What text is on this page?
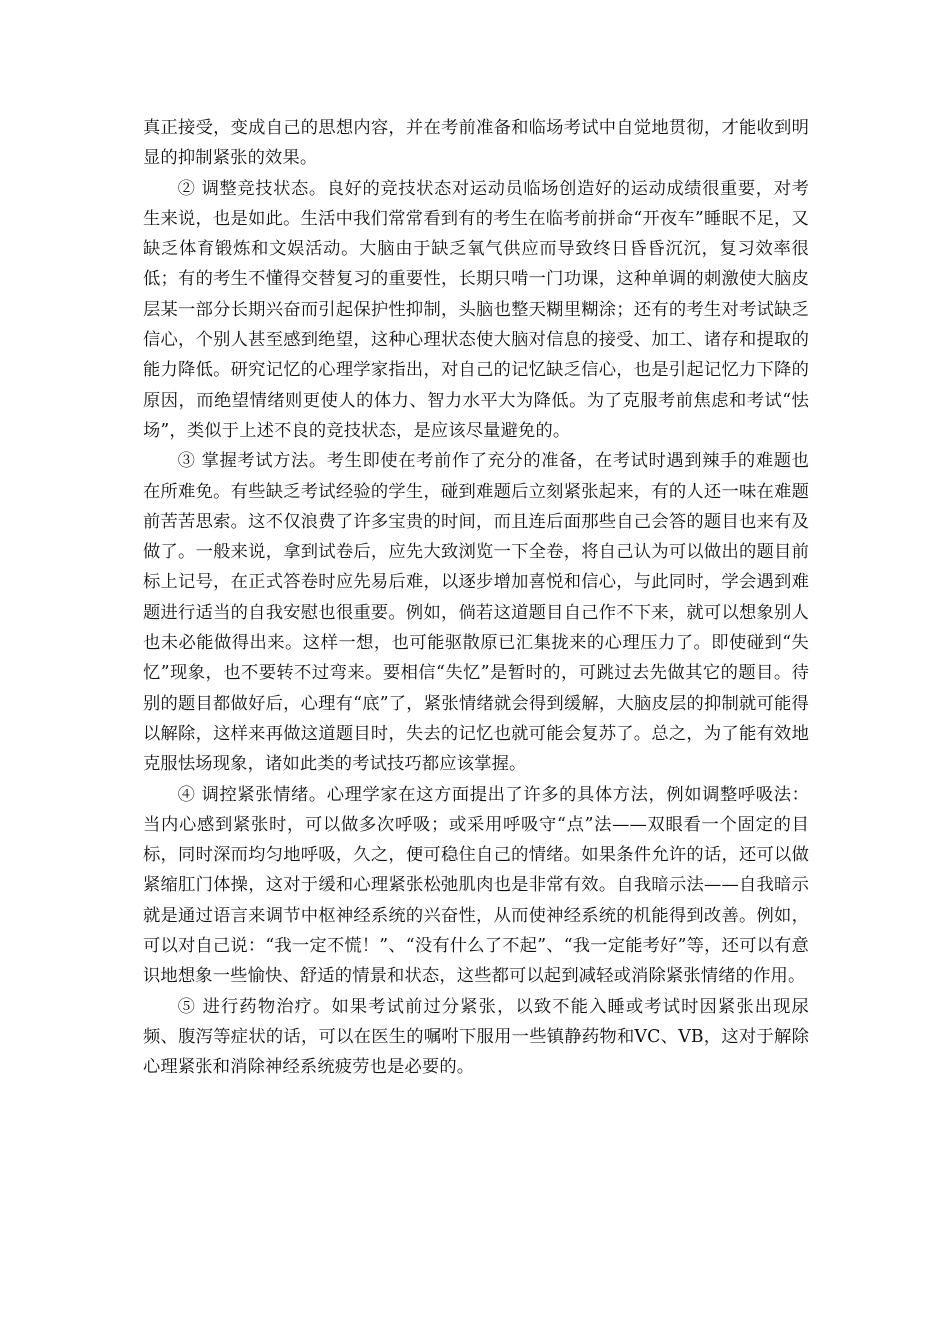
真正接受，变成自己的思想内容，并在考前准备和临场考试中自觉地贯彻，才能收到明显的抑制紧张的效果。

② 调整竞技状态。良好的竞技状态对运动员临场创造好的运动成绩很重要，对考生来说，也是如此。生活中我们常常看到有的考生在临考前拼命“开夜车”睡眠不足，又缺乏体育锻炼和文娱活动。大脑由于缺乏氧气供应而导致终日昏昏沉沉，复习效率很低；有的考生不懂得交替复习的重要性，长期只啃一门功课，这种单调的刺激使大脑皮层某一部分长期兴奋而引起保护性抑制，头脑也整天糊里糊涂；还有的考生对考试缺乏信心，个别人甚至感到绝望，这种心理状态使大脑对信息的接受、加工、诸存和提取的能力降低。研究记忆的心理学家指出，对自己的记忆缺乏信心，也是引起记忆力下降的原因，而绝望情绪则更使人的体力、智力水平大为降低。为了克服考前焦虑和考试“怯场”，类似于上述不良的竞技状态，是应该尽量避免的。

③ 掌握考试方法。考生即使在考前作了充分的准备，在考试时遇到辣手的难题也在所难免。有些缺乏考试经验的学生，碰到难题后立刻紧张起来，有的人还一味在难题前苦苦思索。这不仅浪费了许多宝贵的时间，而且连后面那些自己会答的题目也来有及做了。一般来说，拿到试卷后，应先大致浏览一下全卷，将自己认为可以做出的题目前标上记号，在正式答卷时应先易后难，以逐步增加喜悦和信心，与此同时，学会遇到难题进行适当的自我安慰也很重要。例如，倘若这道题目自己作不下来，就可以想象别人也未必能做得出来。这样一想，也可能驱散原已汇集拢来的心理压力了。即使碰到“失忆”现象，也不要转不过弯来。要相信“失忆”是暂时的，可跳过去先做其它的题目。待别的题目都做好后，心理有“底”了，紧张情绪就会得到缓解，大脑皮层的抑制就可能得以解除，这样来再做这道题目时，失去的记忆也就可能会复苏了。总之，为了能有效地克服怯场现象，诸如此类的考试技巧都应该掌握。

④ 调控紧张情绪。心理学家在这方面提出了许多的具体方法，例如调整呼吸法：当内心感到紧张时，可以做多次呼吸；或采用呼吸守“点”法——双眼看一个固定的目标，同时深而均匀地呼吸，久之，便可稳住自己的情绪。如果条件允许的话，还可以做紧缩肛门体操，这对于缓和心理紧张松弛肌肉也是非常有效。自我暗示法——自我暗示就是通过语言来调节中枢神经系统的兴奋性，从而使神经系统的机能得到改善。例如，可以对自己说：“我一定不慌！”、“没有什么了不起”、“我一定能考好”等，还可以有意识地想象一些愉快、舒适的情景和状态，这些都可以起到减轻或消除紧张情绪的作用。

⑤ 进行药物治疗。如果考试前过分紧张，以致不能入睡或考试时因紧张出现尿频、腹泻等症状的话，可以在医生的嘱咐下服用一些镇静药物和VC、VB，这对于解除心理紧张和消除神经系统疲劳也是必要的。
